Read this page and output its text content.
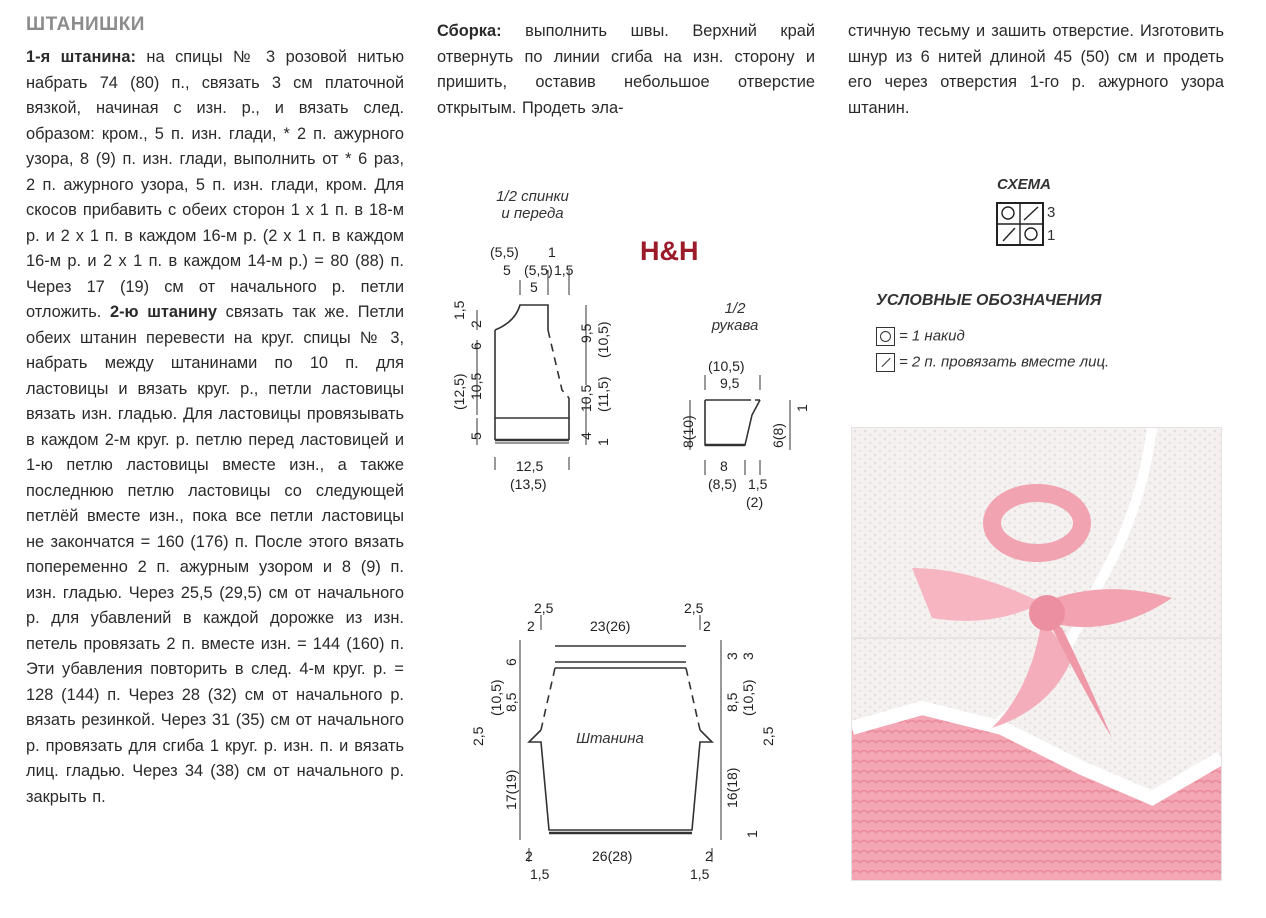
ШТАНИШКИ
1-я штанина: на спицы № 3 розовой нитью набрать 74 (80) п., связать 3 см платочной вязкой, начиная с изн. р., и вязать след. образом: кром., 5 п. изн. глади, * 2 п. ажурного узора, 8 (9) п. изн. глади, выполнить от * 6 раз, 2 п. ажурного узора, 5 п. изн. глади, кром. Для скосов прибавить с обеих сторон 1 x 1 п. в 18-м р. и 2 x 1 п. в каждом 16-м р. (2 x 1 п. в каждом 16-м р. и 2 x 1 п. в каждом 14-м р.) = 80 (88) п. Через 17 (19) см от начального р. петли отложить. 2-ю штанину связать так же. Петли обеих штанин перевести на круг. спицы № 3, набрать между штанинами по 10 п. для ластовицы и вязать круг. р., петли ластовицы вязать изн. гладью. Для ластовицы провязывать в каждом 2-м круг. р. петлю перед ластовицей и 1-ю петлю ластовицы вместе изн., а также последнюю петлю ластовицы со следующей петлёй вместе изн., пока все петли ластовицы не закончатся = 160 (176) п. После этого вязать попеременно 2 п. ажурным узором и 8 (9) п. изн. гладью. Через 25,5 (29,5) см от начального р. для убавлений в каждой дорожке из изн. петель провязать 2 п. вместе изн. = 144 (160) п. Эти убавления повторить в след. 4-м круг. р. = 128 (144) п. Через 28 (32) см от начального р. вязать резинкой. Через 31 (35) см от начального р. провязать для сгиба 1 круг. р. изн. п. и вязать лиц. гладью. Через 34 (38) см от начального р. закрыть п.
Сборка: выполнить швы. Верхний край отвернуть по линии сгиба на изн. сторону и пришить, оставив небольшое отверстие открытым. Продеть эла-
стичную тесьму и зашить отверстие. Изготовить шнур из 6 нитей длиной 45 (50) см и продеть его через отверстия 1-го р. ажурного узора штанин.
H&H
1/2 спинки
и переда
1/2
рукава
Штанина
(5,5) 1
5 (5,5) 1,5
5
1,5
2
6
(12,5) 10,5
5
9,5 (10,5)
10,5 (11,5)
4
1
12,5
(13,5)
(10,5)
9,5
8(10)	6(8)
1
8
(8,5) 1,5
(2)
2,5
2	23(26)
2,5
2
6
(10,5) 8,5
2,5
17(19)
3 3
8,5 (10,5)
2,5
16(18)
1
2	26(28)	2
1,5	1,5
СХЕМА
3
1
УСЛОВНЫЕ ОБОЗНАЧЕНИЯ
= 1 накид
= 2 п. провязать вместе лиц.
